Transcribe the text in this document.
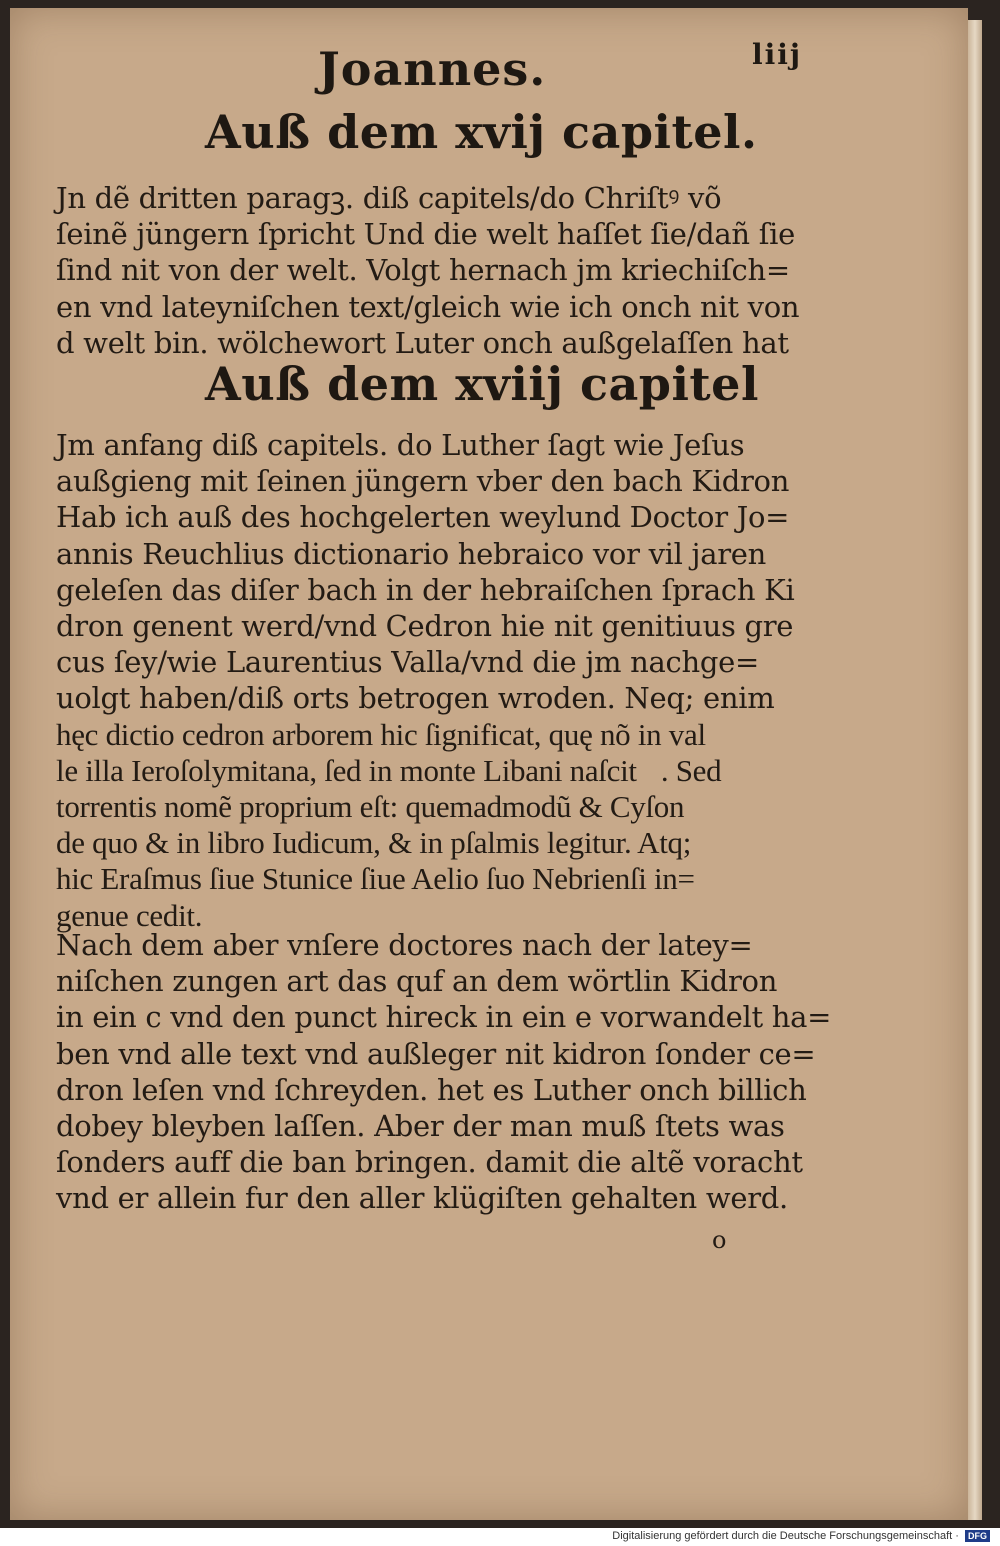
Joannes.	liij
Auß dem xvij capitel.
Jn dẽ dritten paragꝫ. diß capitels/do Chriſtꝰ võ
ſeinẽ jüngern ſpricht Und die welt haſſet ſie/dañ ſie
ſind nit von der welt. Volgt hernach jm kriechiſch=
en vnd lateyniſchen text/gleich wie ich onch nit von
d welt bin. wölchewort Luter onch außgelaſſen hat
Auß dem xviij capitel
Jm anfang diß capitels. do Luther ſagt wie Jeſus
außgieng mit ſeinen jüngern vber den bach Kidron
Hab ich auß des hochgelerten weylund Doctor Jo=
annis Reuchlius dictionario hebraico vor vil jaren
geleſen das diſer bach in der hebraiſchen ſprach Ki
dron genent werd/vnd Cedron hie nit genitiuus gre
cus ſey/wie Laurentius Valla/vnd die jm nachge=
uolgt haben/diß orts betrogen wroden. Neq; enim
hęc dictio cedron arborem hic ſignificat, quę nõ in val
le illa Ieroſolymitana, ſed in monte Libani naſcit᷑. Sed
torrentis nomẽ proprium eſt: quemadmodũ & Cyſon
de quo & in libro Iudicum, & in pſalmis legitur. Atq;
hic Eraſmus ſiue Stunice ſiue Aelio ſuo Nebrienſi in=
genue cedit.
Nach dem aber vnſere doctores nach der latey=
niſchen zungen art das quf an dem wörtlin Kidron
in ein c vnd den punct hireck in ein e vorwandelt ha=
ben vnd alle text vnd außleger nit kidron ſonder ce=
dron leſen vnd ſchreyden. het es Luther onch billich
dobey bleyben laſſen. Aber der man muß ſtets was
ſonders auff die ban bringen. damit die altẽ voracht
vnd er allein fur den aller klügiſten gehalten werd.
o
Digitalisierung gefördert durch die Deutsche Forschungsgemeinschaft · DFG
